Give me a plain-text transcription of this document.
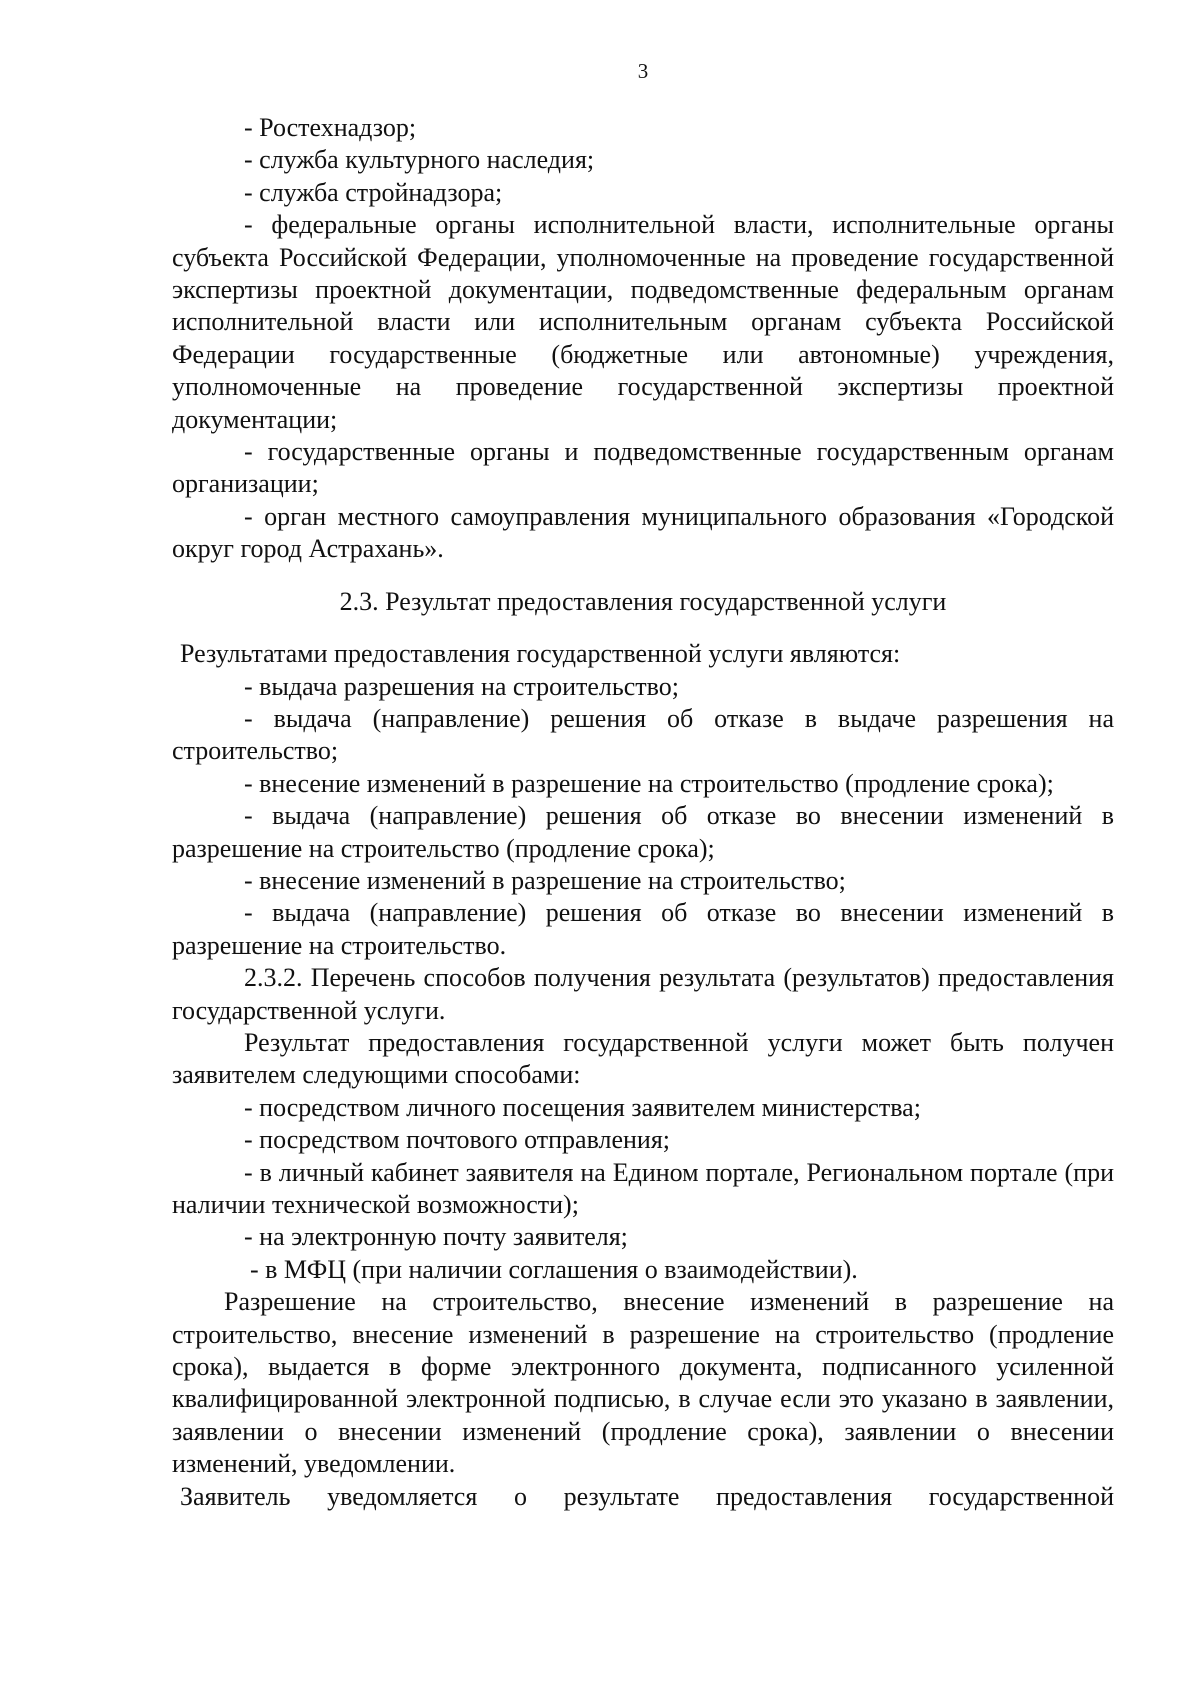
3

- Ростехнадзор;

- служба культурного наследия;

- служба стройнадзора;

- федеральные органы исполнительной власти, исполнительные органы субъекта Российской Федерации, уполномоченные на проведение государственной экспертизы проектной документации, подведомственные федеральным органам исполнительной власти или исполнительным органам субъекта Российской Федерации государственные (бюджетные или автономные) учреждения, уполномоченные на проведение государственной экспертизы проектной документации;

- государственные органы и подведомственные государственным органам организации;

- орган местного самоуправления муниципального образования «Городской округ город Астрахань».

2.3. Результат предоставления государственной услуги

Результатами предоставления государственной услуги являются:

- выдача разрешения на строительство;

- выдача (направление) решения об отказе в выдаче разрешения на строительство;

- внесение изменений в разрешение на строительство (продление срока);

- выдача (направление) решения об отказе во внесении изменений в разрешение на строительство (продление срока);

- внесение изменений в разрешение на строительство;

- выдача (направление) решения об отказе во внесении изменений в разрешение на строительство.

2.3.2. Перечень способов получения результата (результатов) предоставления государственной услуги.

Результат предоставления государственной услуги может быть получен заявителем следующими способами:

- посредством личного посещения заявителем министерства;

- посредством почтового отправления;

- в личный кабинет заявителя на Едином портале, Региональном портале (при наличии технической возможности);

- на электронную почту заявителя;

- в МФЦ (при наличии соглашения о взаимодействии).

Разрешение на строительство, внесение изменений в разрешение на строительство, внесение изменений в разрешение на строительство (продление срока), выдается в форме электронного документа, подписанного усиленной квалифицированной электронной подписью, в случае если это указано в заявлении, заявлении о внесении изменений (продление срока), заявлении о внесении изменений, уведомлении.

Заявитель уведомляется о результате предоставления государственной
